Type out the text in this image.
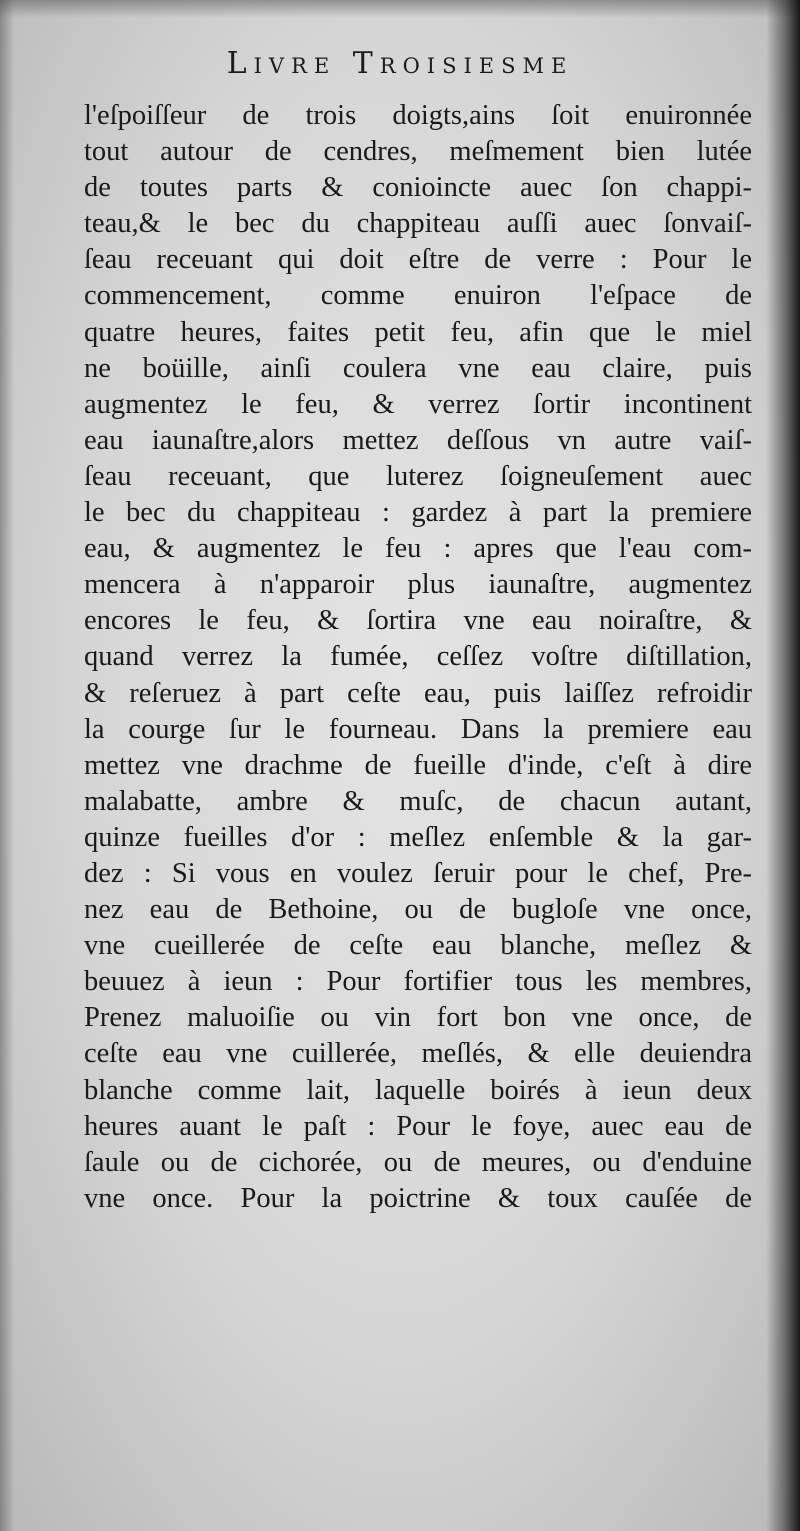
Livre Troisiesme
l'eſpoiſſeur de trois doigts,ains ſoit enuironnée
tout autour de cendres, meſmement bien lutée
de toutes parts & conioincte auec ſon chappi-
teau,& le bec du chappiteau auſſi auec ſonvaiſ-
ſeau receuant qui doit eſtre de verre : Pour le
commencement, comme enuiron l'eſpace de
quatre heures, faites petit feu, afin que le miel
ne boüille, ainſi coulera vne eau claire, puis
augmentez le feu, & verrez ſortir incontinent
eau iaunaſtre,alors mettez deſſous vn autre vaiſ-
ſeau receuant, que luterez ſoigneuſement auec
le bec du chappiteau : gardez à part la premiere
eau, & augmentez le feu : apres que l'eau com-
mencera à n'apparoir plus iaunaſtre, augmentez
encores le feu, & ſortira vne eau noiraſtre, &
quand verrez la fumée, ceſſez voſtre diſtillation,
& reſeruez à part ceſte eau, puis laiſſez refroidir
la courge ſur le fourneau. Dans la premiere eau
mettez vne drachme de fueille d'inde, c'eſt à dire
malabatte, ambre & muſc, de chacun autant,
quinze fueilles d'or : meſlez enſemble & la gar-
dez : Si vous en voulez ſeruir pour le chef, Pre-
nez eau de Bethoine, ou de bugloſe vne once,
vne cueillerée de ceſte eau blanche, meſlez &
beuuez à ieun : Pour fortifier tous les membres,
Prenez maluoiſie ou vin fort bon vne once, de
ceſte eau vne cuillerée, meſlés, & elle deuiendra
blanche comme lait, laquelle boirés à ieun deux
heures auant le paſt : Pour le foye, auec eau de
ſaule ou de cichorée, ou de meures, ou d'enduine
vne once. Pour la poictrine & toux cauſée de
